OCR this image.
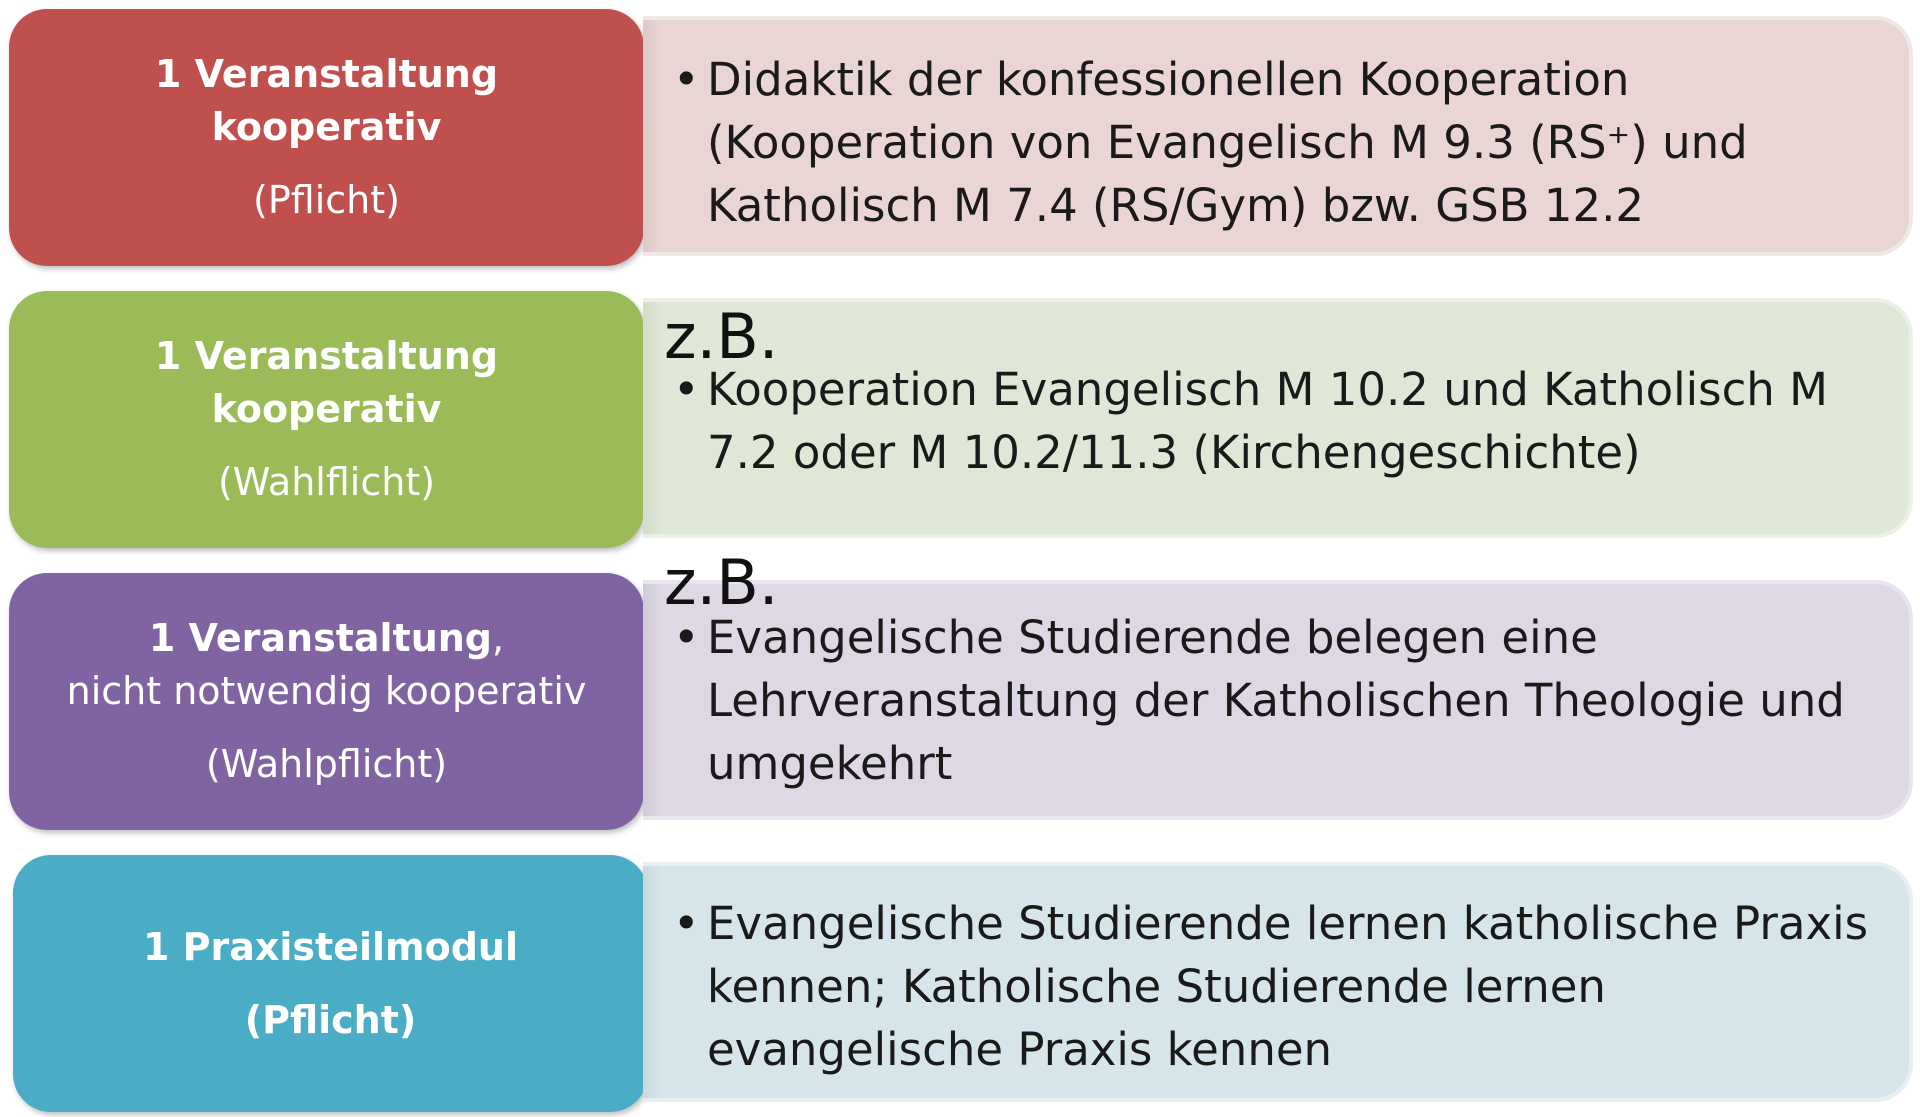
1 Veranstaltung
kooperativ
(Pflicht)
• Didaktik der konfessionellen Kooperation (Kooperation von Evangelisch M 9.3 (RS⁺) und Katholisch M 7.4 (RS/Gym) bzw. GSB 12.2
1 Veranstaltung
kooperativ
(Wahlflicht)
• Kooperation Evangelisch M 10.2 und Katholisch M 7.2 oder M 10.2/11.3 (Kirchengeschichte)
z.B.
1 Veranstaltung,
nicht notwendig kooperativ
(Wahlpflicht)
• Evangelische Studierende belegen eine Lehrveranstaltung der Katholischen Theologie und umgekehrt
z.B.
1 Praxisteilmodul
(Pflicht)
• Evangelische Studierende lernen katholische Praxis kennen; Katholische Studierende lernen evangelische Praxis kennen
